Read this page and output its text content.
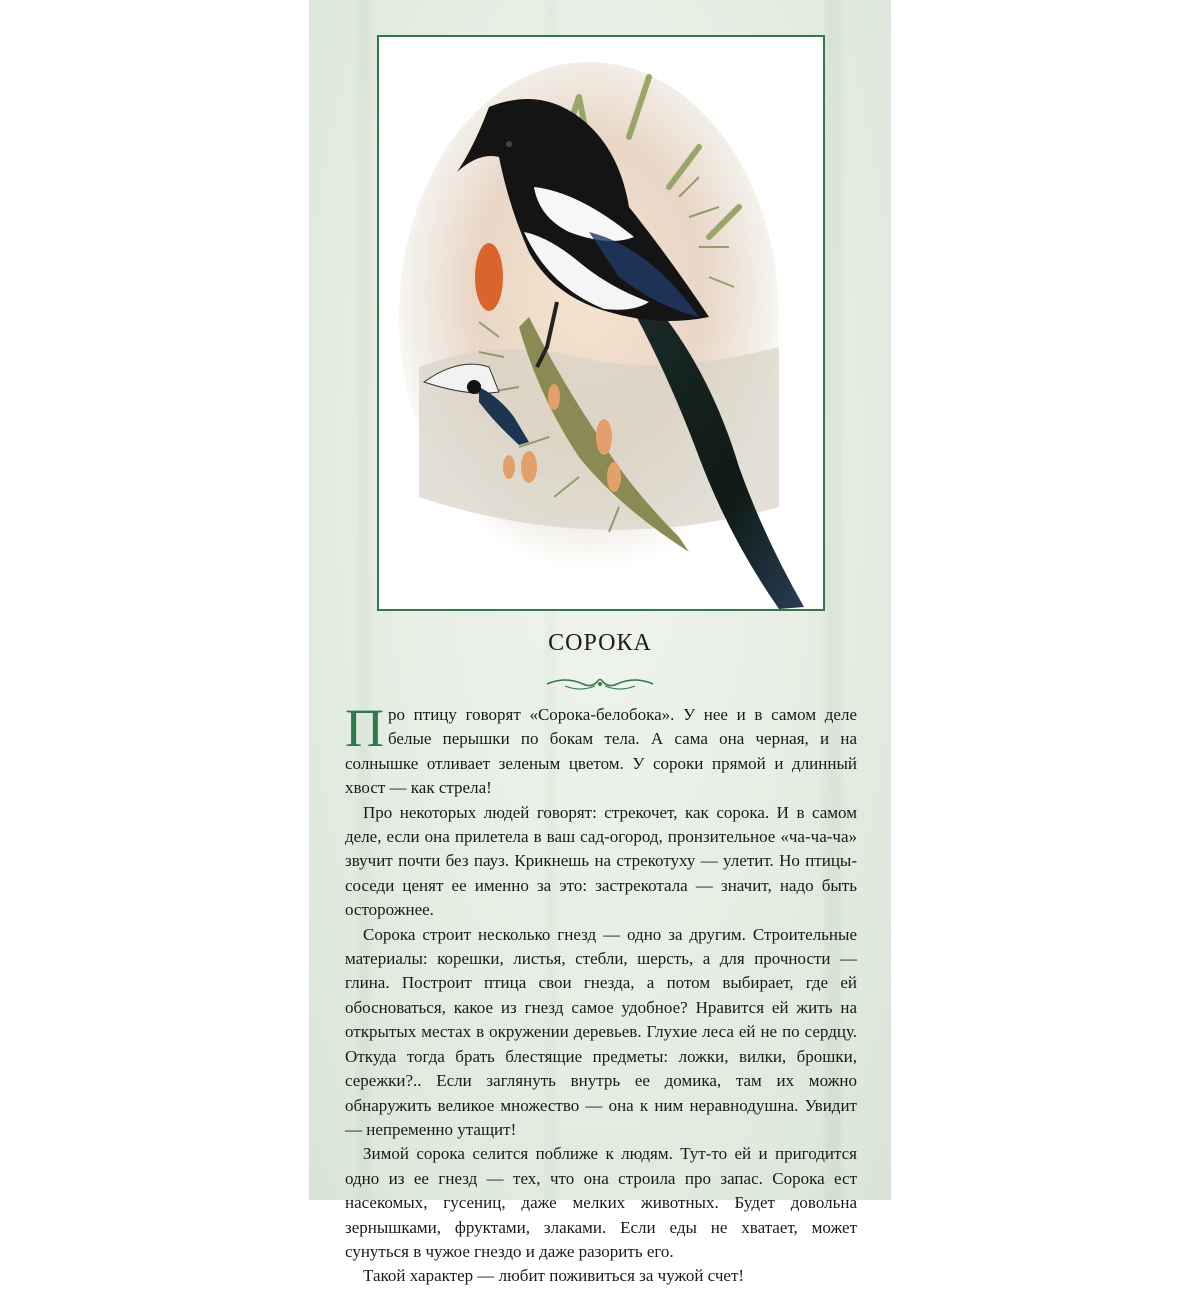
СОРОКА

Про птицу говорят «Сорока-белобока». У нее и в самом деле белые перышки по бокам тела. А сама она черная, и на солнышке отливает зеленым цветом. У сороки прямой и длинный хвост — как стрела!

Про некоторых людей говорят: стрекочет, как сорока. И в самом деле, если она прилетела в ваш сад-огород, пронзительное «ча-ча-ча» звучит почти без пауз. Крикнешь на стрекотуху — улетит. Но птицы-соседи ценят ее именно за это: застрекотала — значит, надо быть осторожнее.

Сорока строит несколько гнезд — одно за другим. Строительные материалы: корешки, листья, стебли, шерсть, а для прочности — глина. Построит птица свои гнезда, а потом выбирает, где ей обосноваться, какое из гнезд самое удобное? Нравится ей жить на открытых местах в окружении деревьев. Глухие леса ей не по сердцу. Откуда тогда брать блестящие предметы: ложки, вилки, брошки, сережки?.. Если заглянуть внутрь ее домика, там их можно обнаружить великое множество — она к ним неравнодушна. Увидит — непременно утащит!

Зимой сорока селится поближе к людям. Тут-то ей и пригодится одно из ее гнезд — тех, что она строила про запас. Сорока ест насекомых, гусениц, даже мелких животных. Будет довольна зернышками, фруктами, злаками. Если еды не хватает, может сунуться в чужое гнездо и даже разорить его.

Такой характер — любит поживиться за чужой счет!
